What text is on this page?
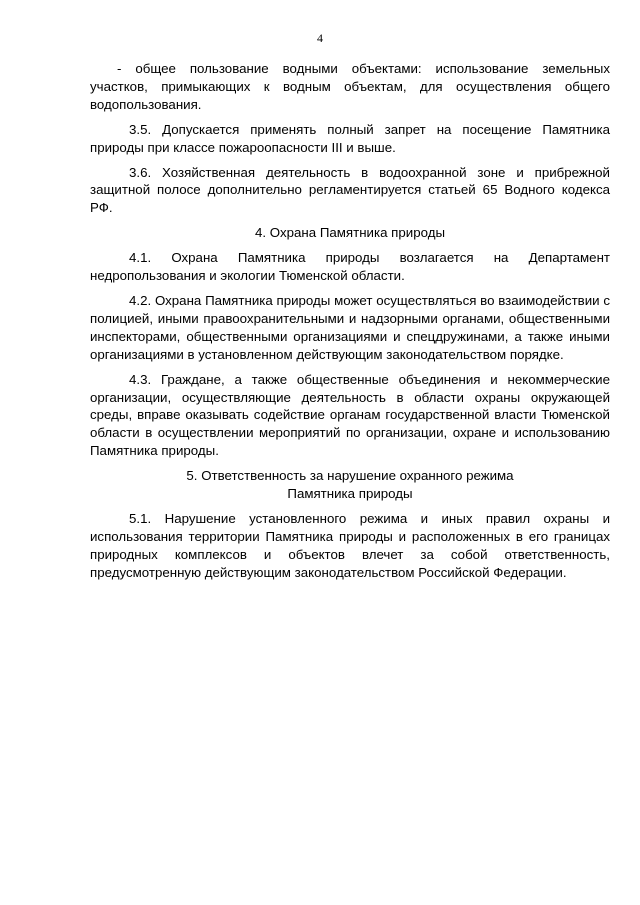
4

- общее пользование водными объектами: использование земельных участков, примыкающих к водным объектам, для осуществления общего водопользования.

3.5. Допускается применять полный запрет на посещение Памятника природы при классе пожароопасности III и выше.

3.6. Хозяйственная деятельность в водоохранной зоне и прибрежной защитной полосе дополнительно регламентируется статьей 65 Водного кодекса РФ.

4. Охрана Памятника природы

4.1. Охрана Памятника природы возлагается на Департамент недропользования и экологии Тюменской области.

4.2. Охрана Памятника природы может осуществляться во взаимодействии с полицией, иными правоохранительными и надзорными органами, общественными инспекторами, общественными организациями и спецдружинами, а также иными организациями в установленном действующим законодательством порядке.

4.3. Граждане, а также общественные объединения и некоммерческие организации, осуществляющие деятельность в области охраны окружающей среды, вправе оказывать содействие органам государственной власти Тюменской области в осуществлении мероприятий по организации, охране и использованию Памятника природы.

5. Ответственность за нарушение охранного режима
Памятника природы

5.1. Нарушение установленного режима и иных правил охраны и использования территории Памятника природы и расположенных в его границах природных комплексов и объектов влечет за собой ответственность, предусмотренную действующим законодательством Российской Федерации.
